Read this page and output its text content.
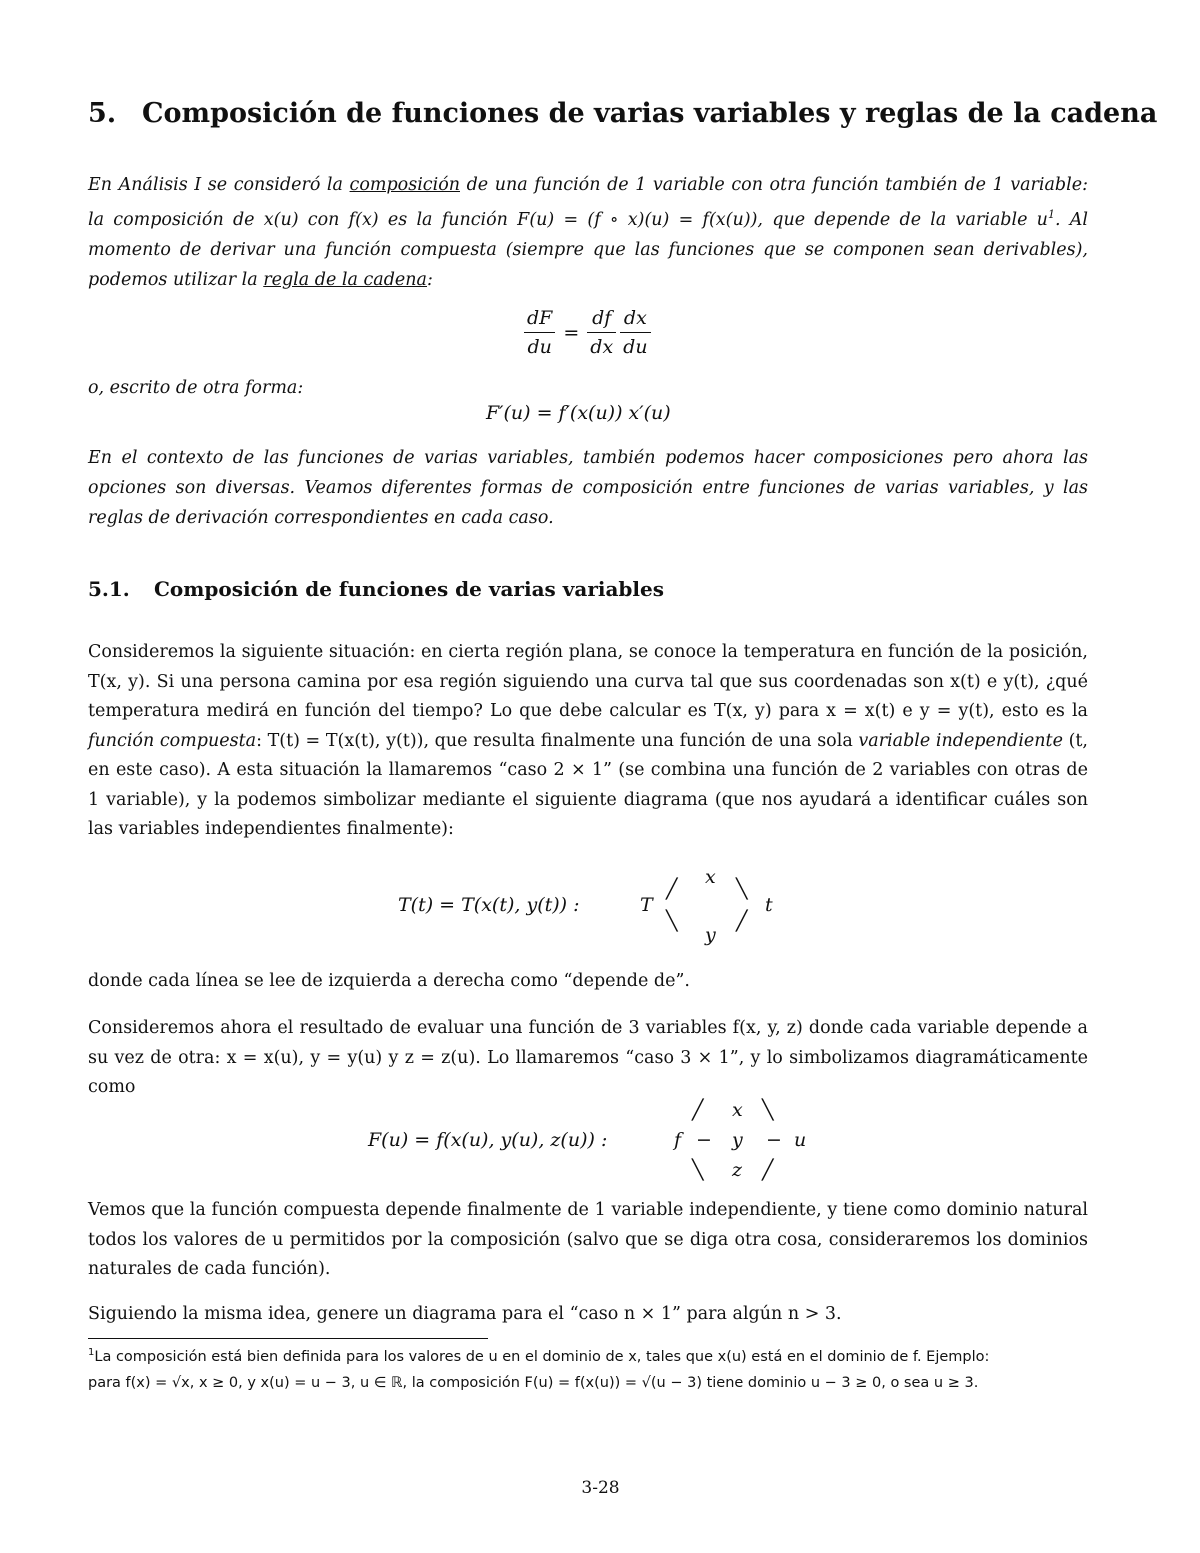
5. Composición de funciones de varias variables y reglas de la cadena
En Análisis I se consideró la composición de una función de 1 variable con otra función también de 1 variable: la composición de x(u) con f(x) es la función F(u) = (f ∘ x)(u) = f(x(u)), que depende de la variable $u^1$. Al momento de derivar una función compuesta (siempre que las funciones que se componen sean derivables), podemos utilizar la regla de la cadena:
$\frac{dF}{du} = \frac{df}{dx} \frac{dx}{du}$
o, escrito de otra forma:
F′(u) = f′(x(u)) x′(u)
En el contexto de las funciones de varias variables, también podemos hacer composiciones pero ahora las opciones son diversas. Veamos diferentes formas de composición entre funciones de varias variables, y las reglas de derivación correspondientes en cada caso.
5.1. Composición de funciones de varias variables
Consideremos la siguiente situación: en cierta región plana, se conoce la temperatura en función de la posición, T(x, y). Si una persona camina por esa región siguiendo una curva tal que sus coordenadas son x(t) e y(t), ¿qué temperatura medirá en función del tiempo? Lo que debe calcular es T(x, y) para x = x(t) e y = y(t), esto es la función compuesta: T(t) = T(x(t), y(t)), que resulta finalmente una función de una sola variable independiente (t, en este caso). A esta situación la llamaremos “caso 2 × 1” (se combina una función de 2 variables con otras de 1 variable), y la podemos simbolizar mediante el siguiente diagrama (que nos ayudará a identificar cuáles son las variables independientes finalmente):
T(t) = T(x(t), y(t)) :	T
╱
╲
x
y
╲
╱
t
donde cada línea se lee de izquierda a derecha como “depende de”.
Consideremos ahora el resultado de evaluar una función de 3 variables f(x, y, z) donde cada variable depende a su vez de otra: x = x(u), y = y(u) y z = z(u). Lo llamaremos “caso 3 × 1”, y lo simbolizamos diagramáticamente como
F(u) = f(x(u), y(u), z(u)) :	f
╱
−
╲
x
y
z
╲
−
╱
u
Vemos que la función compuesta depende finalmente de 1 variable independiente, y tiene como dominio natural todos los valores de u permitidos por la composición (salvo que se diga otra cosa, consideraremos los dominios naturales de cada función).
Siguiendo la misma idea, genere un diagrama para el “caso n × 1” para algún n > 3.
$^1$La composición está bien definida para los valores de u en el dominio de x, tales que x(u) está en el dominio de f. Ejemplo:
para f(x) = √x, x ≥ 0, y x(u) = u − 3, u ∈ ℝ, la composición F(u) = f(x(u)) = √(u − 3) tiene dominio u − 3 ≥ 0, o sea u ≥ 3.
3-28
